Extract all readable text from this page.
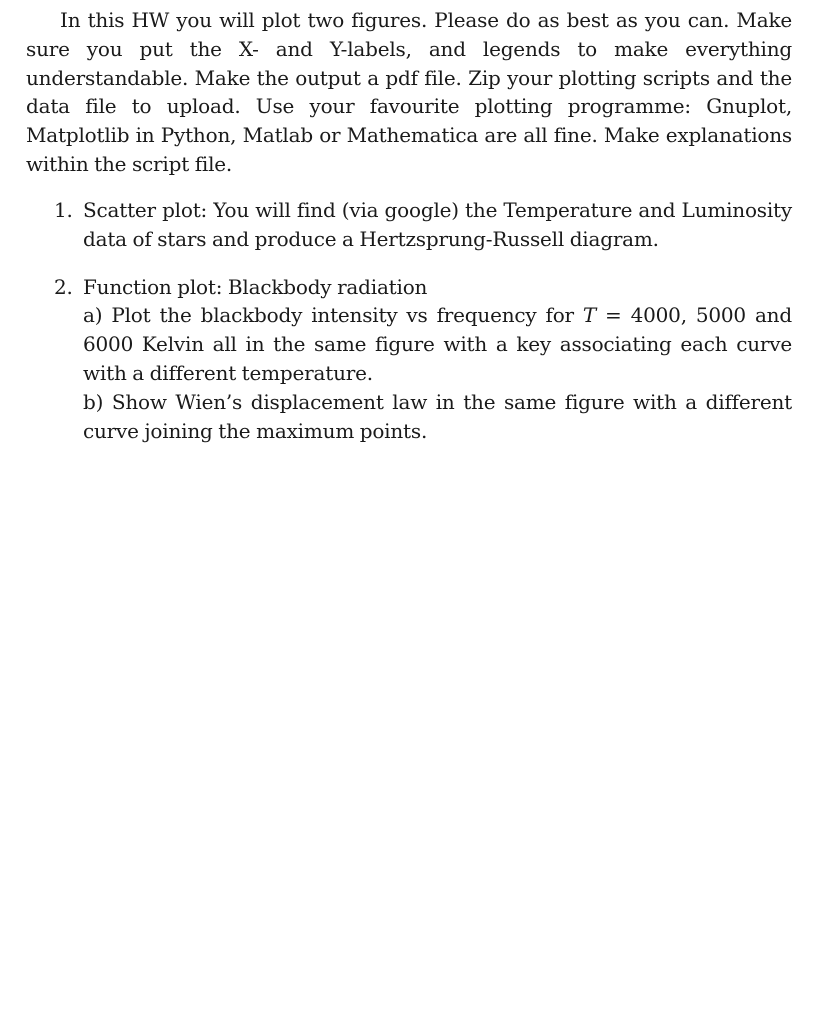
In this HW you will plot two figures. Please do as best as you can. Make sure you put the X- and Y-labels, and legends to make everything understandable. Make the output a pdf file. Zip your plotting scripts and the data file to upload. Use your favourite plotting programme: Gnuplot, Matplotlib in Python, Matlab or Mathematica are all fine. Make explanations within the script file.

1. Scatter plot: You will find (via google) the Temperature and Luminosity data of stars and produce a Hertzsprung-Russell diagram.
2. Function plot: Blackbody radiation
a) Plot the blackbody intensity vs frequency for T = 4000, 5000 and 6000 Kelvin all in the same figure with a key associating each curve with a different temperature.
b) Show Wien’s displacement law in the same figure with a different curve joining the maximum points.
